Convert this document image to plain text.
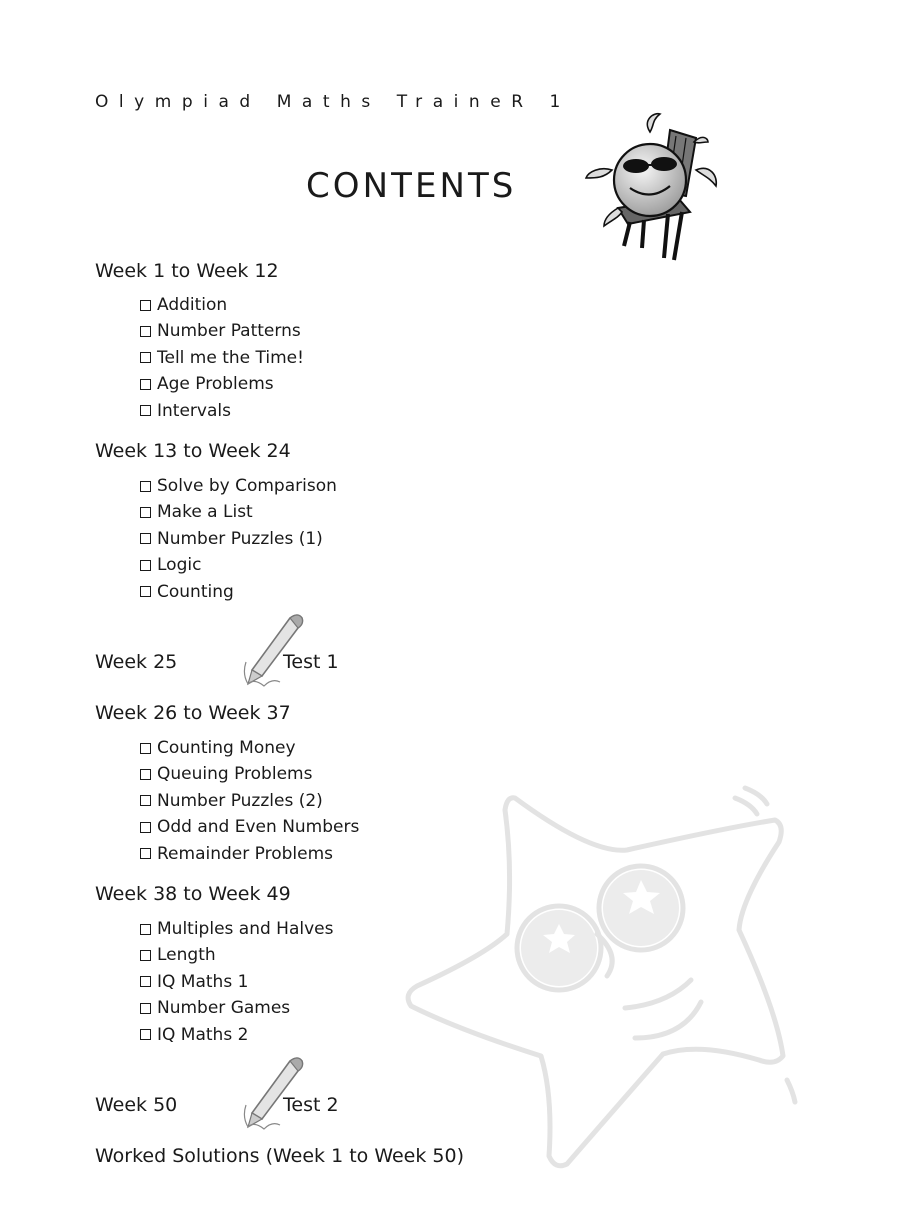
Olympiad Maths TraineR 1
CONTENTS
Week 1 to Week 12
Addition
Number Patterns
Tell me the Time!
Age Problems
Intervals
Week 13 to Week 24
Solve by Comparison
Make a List
Number Puzzles (1)
Logic
Counting
Week 25	Test 1
Week 26 to Week 37
Counting Money
Queuing Problems
Number Puzzles (2)
Odd and Even Numbers
Remainder Problems
Week 38 to Week 49
Multiples and Halves
Length
IQ Maths 1
Number Games
IQ Maths 2
Week 50	Test 2
Worked Solutions (Week 1 to Week 50)
